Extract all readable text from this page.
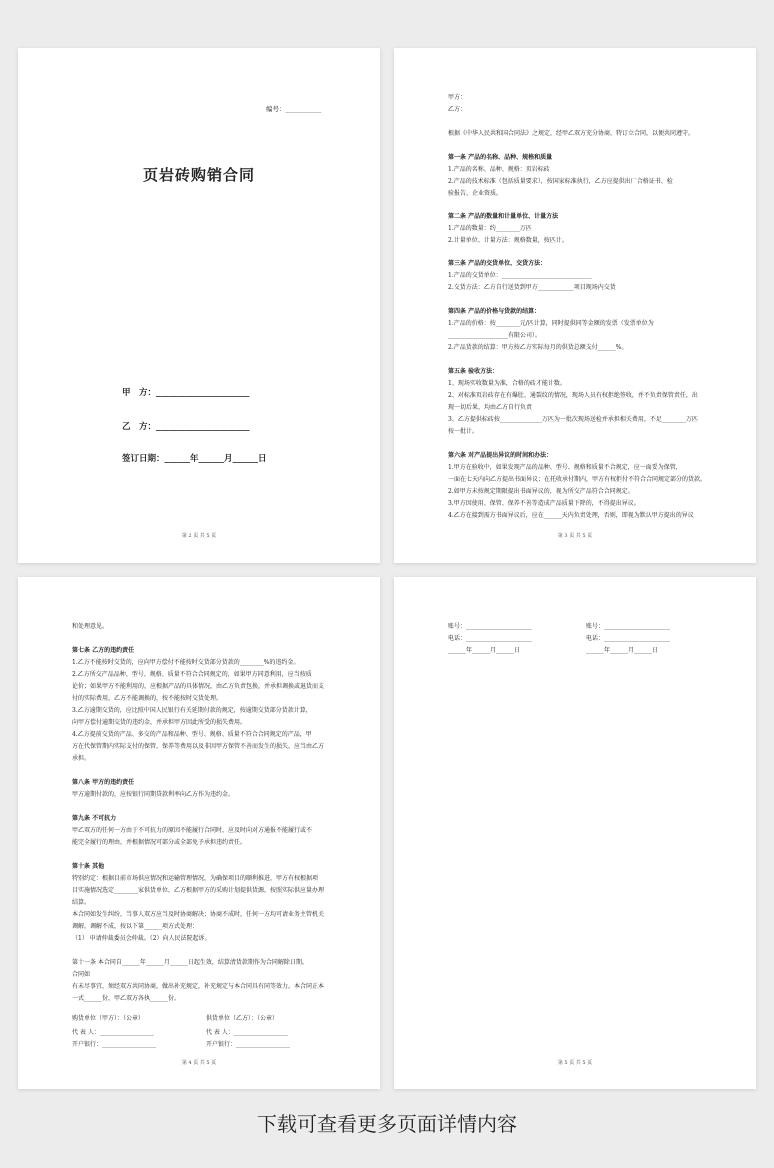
编号：___________
页岩砖购销合同
甲　方：______________________
乙　方：______________________
签订日期：______年______月______日
第 2 页 共 5 页
甲方：
乙方：
根据《中华人民共和国合同法》之规定，经甲乙双方充分协商，特订立合同，以便共同遵守。
第一条 产品的名称、品种、规格和质量
1.产品的名称、品种、规格：页岩标砖
2.产品的技术标准（包括质量要求），按国家标准执行，乙方应提供出厂合格证书、检
验报告、企业资质。
第二条 产品的数量和计量单位、计量方法
1.产品的数量：约________万匹
2.计量单位、计量方法：规格数量，按匹计。
第三条 产品的交货单位、交货方法：
1.产品的交货单位：______________________________
2.交货方法：乙方自行送货到甲方____________项目现场内交货
第四条 产品的价格与货款的结算：
1.产品的价格：按________元/匹计算，同时提供同等金额的发票（发票单位为
____________________有限公司）。
2.产品货款的结算：甲方按乙方实际每月的供货总额支付______%。
第五条 验收方法：
1、现场实收数量为准，合格的砖才能计数。
2、对标准页岩砖存在有爆肚、通裂纹的情况，现场人员有权拒绝签收，并不负责保管责任，出
现一切后果，均由乙方自行负责
3、乙方提供标砖按______________万匹为一批次现场送检并承担相关费用，不足________万匹
按一批计。
第六条 对产品提出异议的时间和办法：
1.甲方在验收中，如果发现产品的品种、型号、规格和质量不合规定，应一面妥为保管，
一面在七天内向乙方提出书面异议；在托收承付期内，甲方有权拒付不符合合同规定部分的货款。
2.如甲方未按规定期限提出书面异议的，视为所交产品符合合同规定。
3.甲方因使用、保管、保养不善等造成产品质量下降的，不得提出异议。
4.乙方在接到需方书面异议后，应在______天内负责处理，否则，即视为默认甲方提出的异议
第 3 页 共 5 页
和处理意见。
第七条 乙方的违约责任
1.乙方不能按时交货的，应向甲方偿付不能按时交货部分货款的________%的违约金。
2.乙方所交产品品种、型号、规格、质量不符合合同规定的，如果甲方同意利用，应当按质
论价；如果甲方不能利用的，应根据产品的具体情况，由乙方负责包换，并承担调换或退货而支
付的实际费用，乙方不能调换的，按不能按时交货处理。
3.乙方逾期交货的，应比照中国人民银行有关延期付款的规定，按逾期交货部分货款计算，
向甲方偿付逾期交货的违约金，并承担甲方因此所受的损失费用。
4.乙方提前交货的产品、多交的产品和品种、型号、规格、质量不符合合同规定的产品，甲
方在代保管期内实际支付的保管、保养等费用以及非因甲方保管不善而发生的损失，应当由乙方
承担。
第八条 甲方的违约责任
甲方逾期付款的，应按银行同期贷款利率向乙方作为违约金。
第九条 不可抗力
甲乙双方的任何一方由于不可抗力的原因不能履行合同时，应及时向对方通报不能履行或不
能完全履行的理由，并根据情况可部分或全部免予承担违约责任。
第十条 其他
特别约定：根据目前市场供应情况和运输管理情况，为确保项目的顺利推进，甲方有权根据项
目实施情况选定________家供货单位，乙方根据甲方的采购计划提供货源，按照实际供应量办理
结算。
本合同如发生纠纷，当事人双方应当及时协商解决；协商不成时，任何一方均可请业务主管机关
调解，调解不成，按以下第______项方式处理：
（1） 申请仲裁委员会仲裁。（2）向人民法院起诉。
第十一条 本合同自______年______月______日起生效，结算清货款期作为合同解除日期。
合同如
有未尽事宜，须经双方共同协商，做出补充规定，补充规定与本合同具有同等效力。本合同正本
一式______份，甲乙双方各执______份。
购货单位（甲方）：（公章）
代 表 人：__________________
开户银行：__________________
供货单位（乙方）：（公章）
代 表 人：__________________
开户银行：__________________
第 4 页 共 5 页
账号：______________________
电话：______________________
______年______月______日
账号：______________________
电话：______________________
______年______月______日
第 5 页 共 5 页
下载可查看更多页面详情内容
